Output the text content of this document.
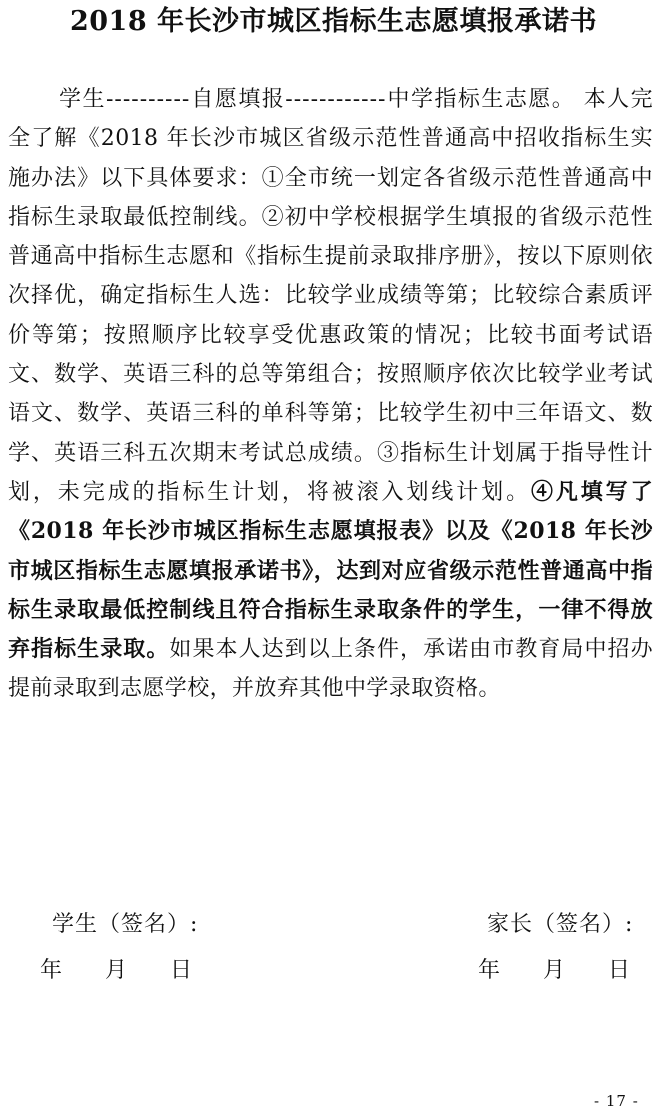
2018 年长沙市城区指标生志愿填报承诺书
学生----------自愿填报------------中学指标生志愿。 本人完全了解《2018 年长沙市城区省级示范性普通高中招收指标生实施办法》以下具体要求：①全市统一划定各省级示范性普通高中指标生录取最低控制线。②初中学校根据学生填报的省级示范性普通高中指标生志愿和《指标生提前录取排序册》，按以下原则依次择优，确定指标生人选：比较学业成绩等第；比较综合素质评价等第；按照顺序比较享受优惠政策的情况；比较书面考试语文、数学、英语三科的总等第组合；按照顺序依次比较学业考试语文、数学、英语三科的单科等第；比较学生初中三年语文、数学、英语三科五次期末考试总成绩。③指标生计划属于指导性计划，未完成的指标生计划，将被滚入划线计划。④凡填写了《2018 年长沙市城区指标生志愿填报表》以及《2018 年长沙市城区指标生志愿填报承诺书》，达到对应省级示范性普通高中指标生录取最低控制线且符合指标生录取条件的学生，一律不得放弃指标生录取。如果本人达到以上条件，承诺由市教育局中招办提前录取到志愿学校，并放弃其他中学录取资格。
学生（签名）:	家长（签名）:
年 月 日	年 月 日
- 17 -
